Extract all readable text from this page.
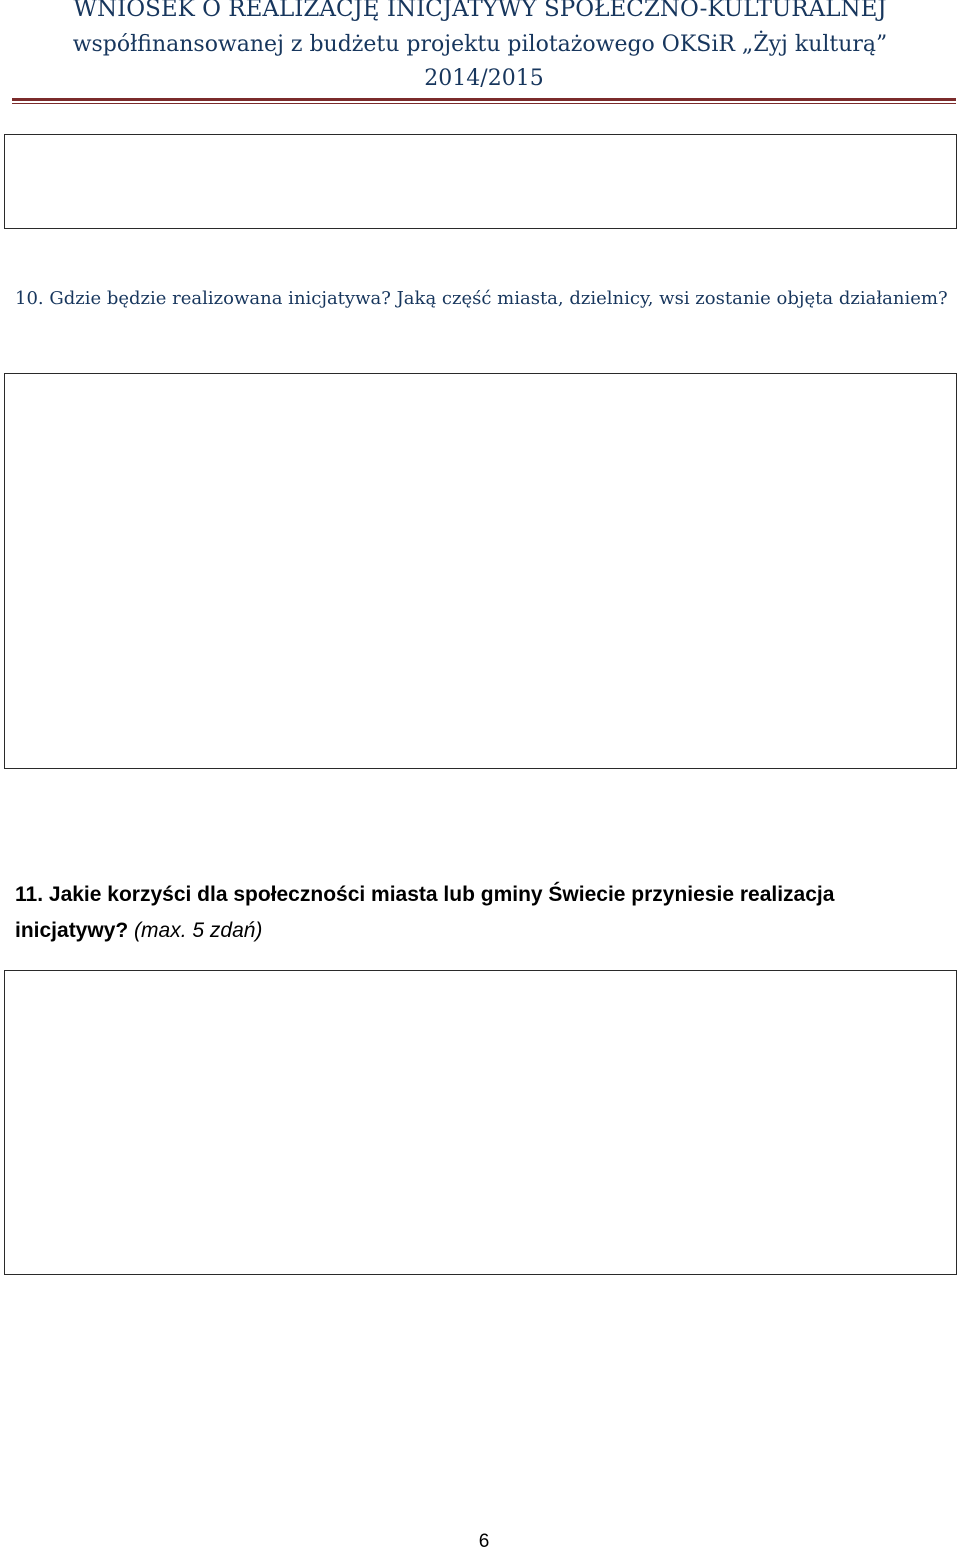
WNIOSEK O REALIZACJĘ INICJATYWY SPOŁECZNO-KULTURALNEJ
współfinansowanej z budżetu projektu pilotażowego OKSiR „Żyj kulturą”
2014/2015
10. Gdzie będzie realizowana inicjatywa? Jaką część miasta, dzielnicy, wsi zostanie objęta działaniem?
11. Jakie korzyści dla społeczności miasta lub gminy Świecie przyniesie realizacja inicjatywy? (max. 5 zdań)
6
